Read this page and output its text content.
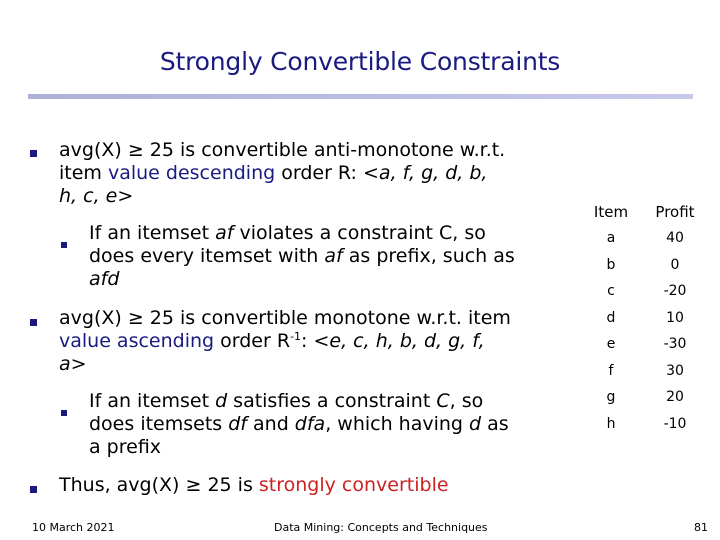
Strongly Convertible Constraints
avg(X) ≥ 25 is convertible anti-monotone w.r.t.
item value descending order R: <a, f, g, d, b,
h, c, e>
If an itemset af violates a constraint C, so
does every itemset with af as prefix, such as
afd
avg(X) ≥ 25 is convertible monotone w.r.t. item
value ascending order $R^{-1}$: <e, c, h, b, d, g, f,
a>
If an itemset d satisfies a constraint C, so
does itemsets df and dfa, which having d as
a prefix
Thus, avg(X) ≥ 25 is strongly convertible
Item	Profit
a	40
b	0
c	-20
d	10
e	-30
f	30
g	20
h	-10
10 March 2021	Data Mining: Concepts and Techniques	81
